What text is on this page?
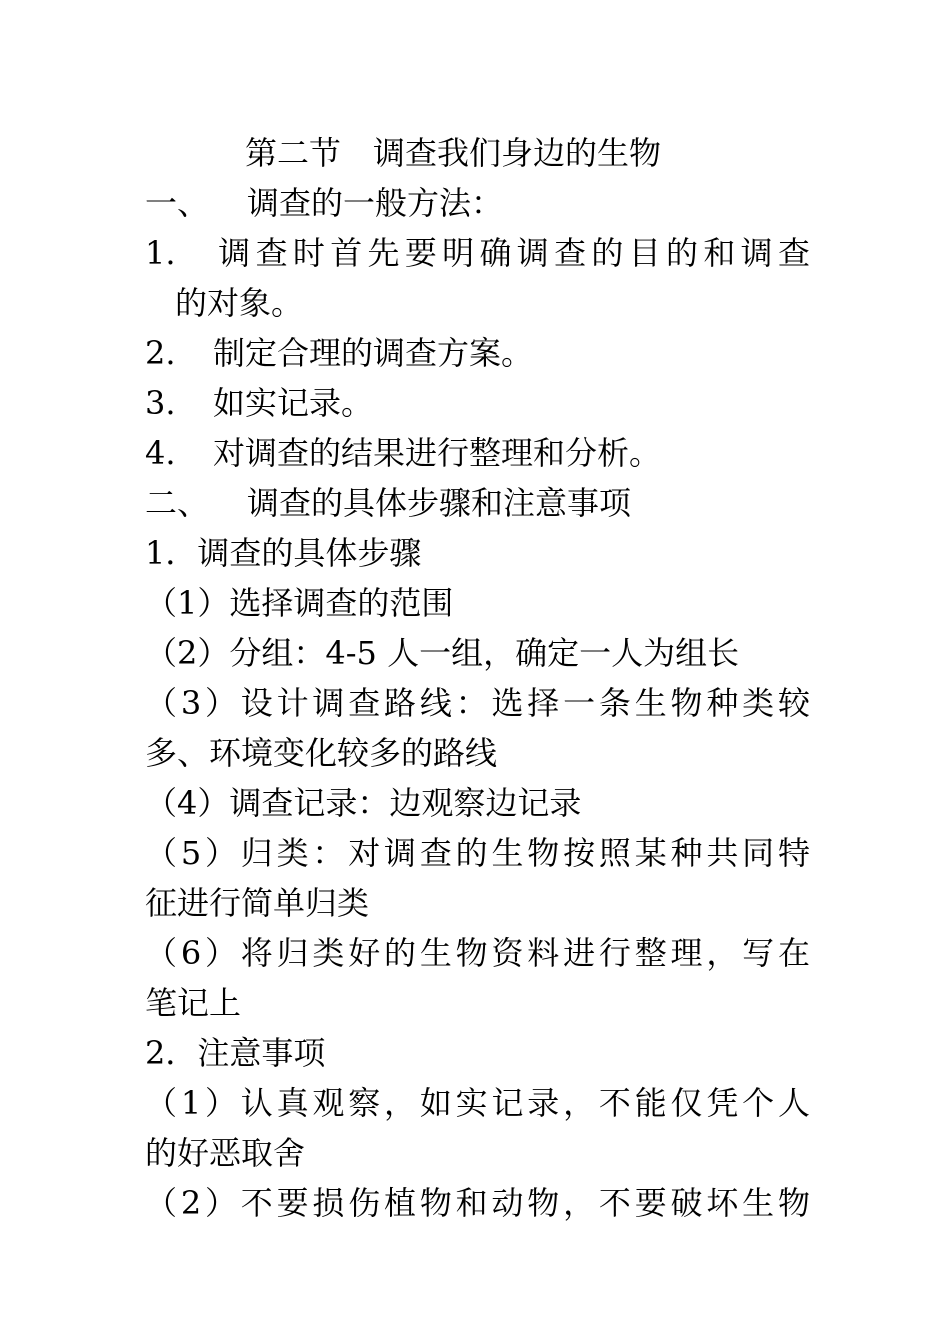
第二节　调查我们身边的生物
一、 调查的一般方法：
1. 调查时首先要明确调查的目的和调查
的对象。
2. 制定合理的调查方案。
3. 如实记录。
4. 对调查的结果进行整理和分析。
二、 调查的具体步骤和注意事项
1．调查的具体步骤
（1）选择调查的范围
（2）分组：4-5 人一组，确定一人为组长
（3）设计调查路线：选择一条生物种类较
多、环境变化较多的路线
（4）调查记录：边观察边记录
（5）归类：对调查的生物按照某种共同特
征进行简单归类
（6）将归类好的生物资料进行整理，写在
笔记上
2．注意事项
（1）认真观察，如实记录，不能仅凭个人
的好恶取舍
（2）不要损伤植物和动物，不要破坏生物
